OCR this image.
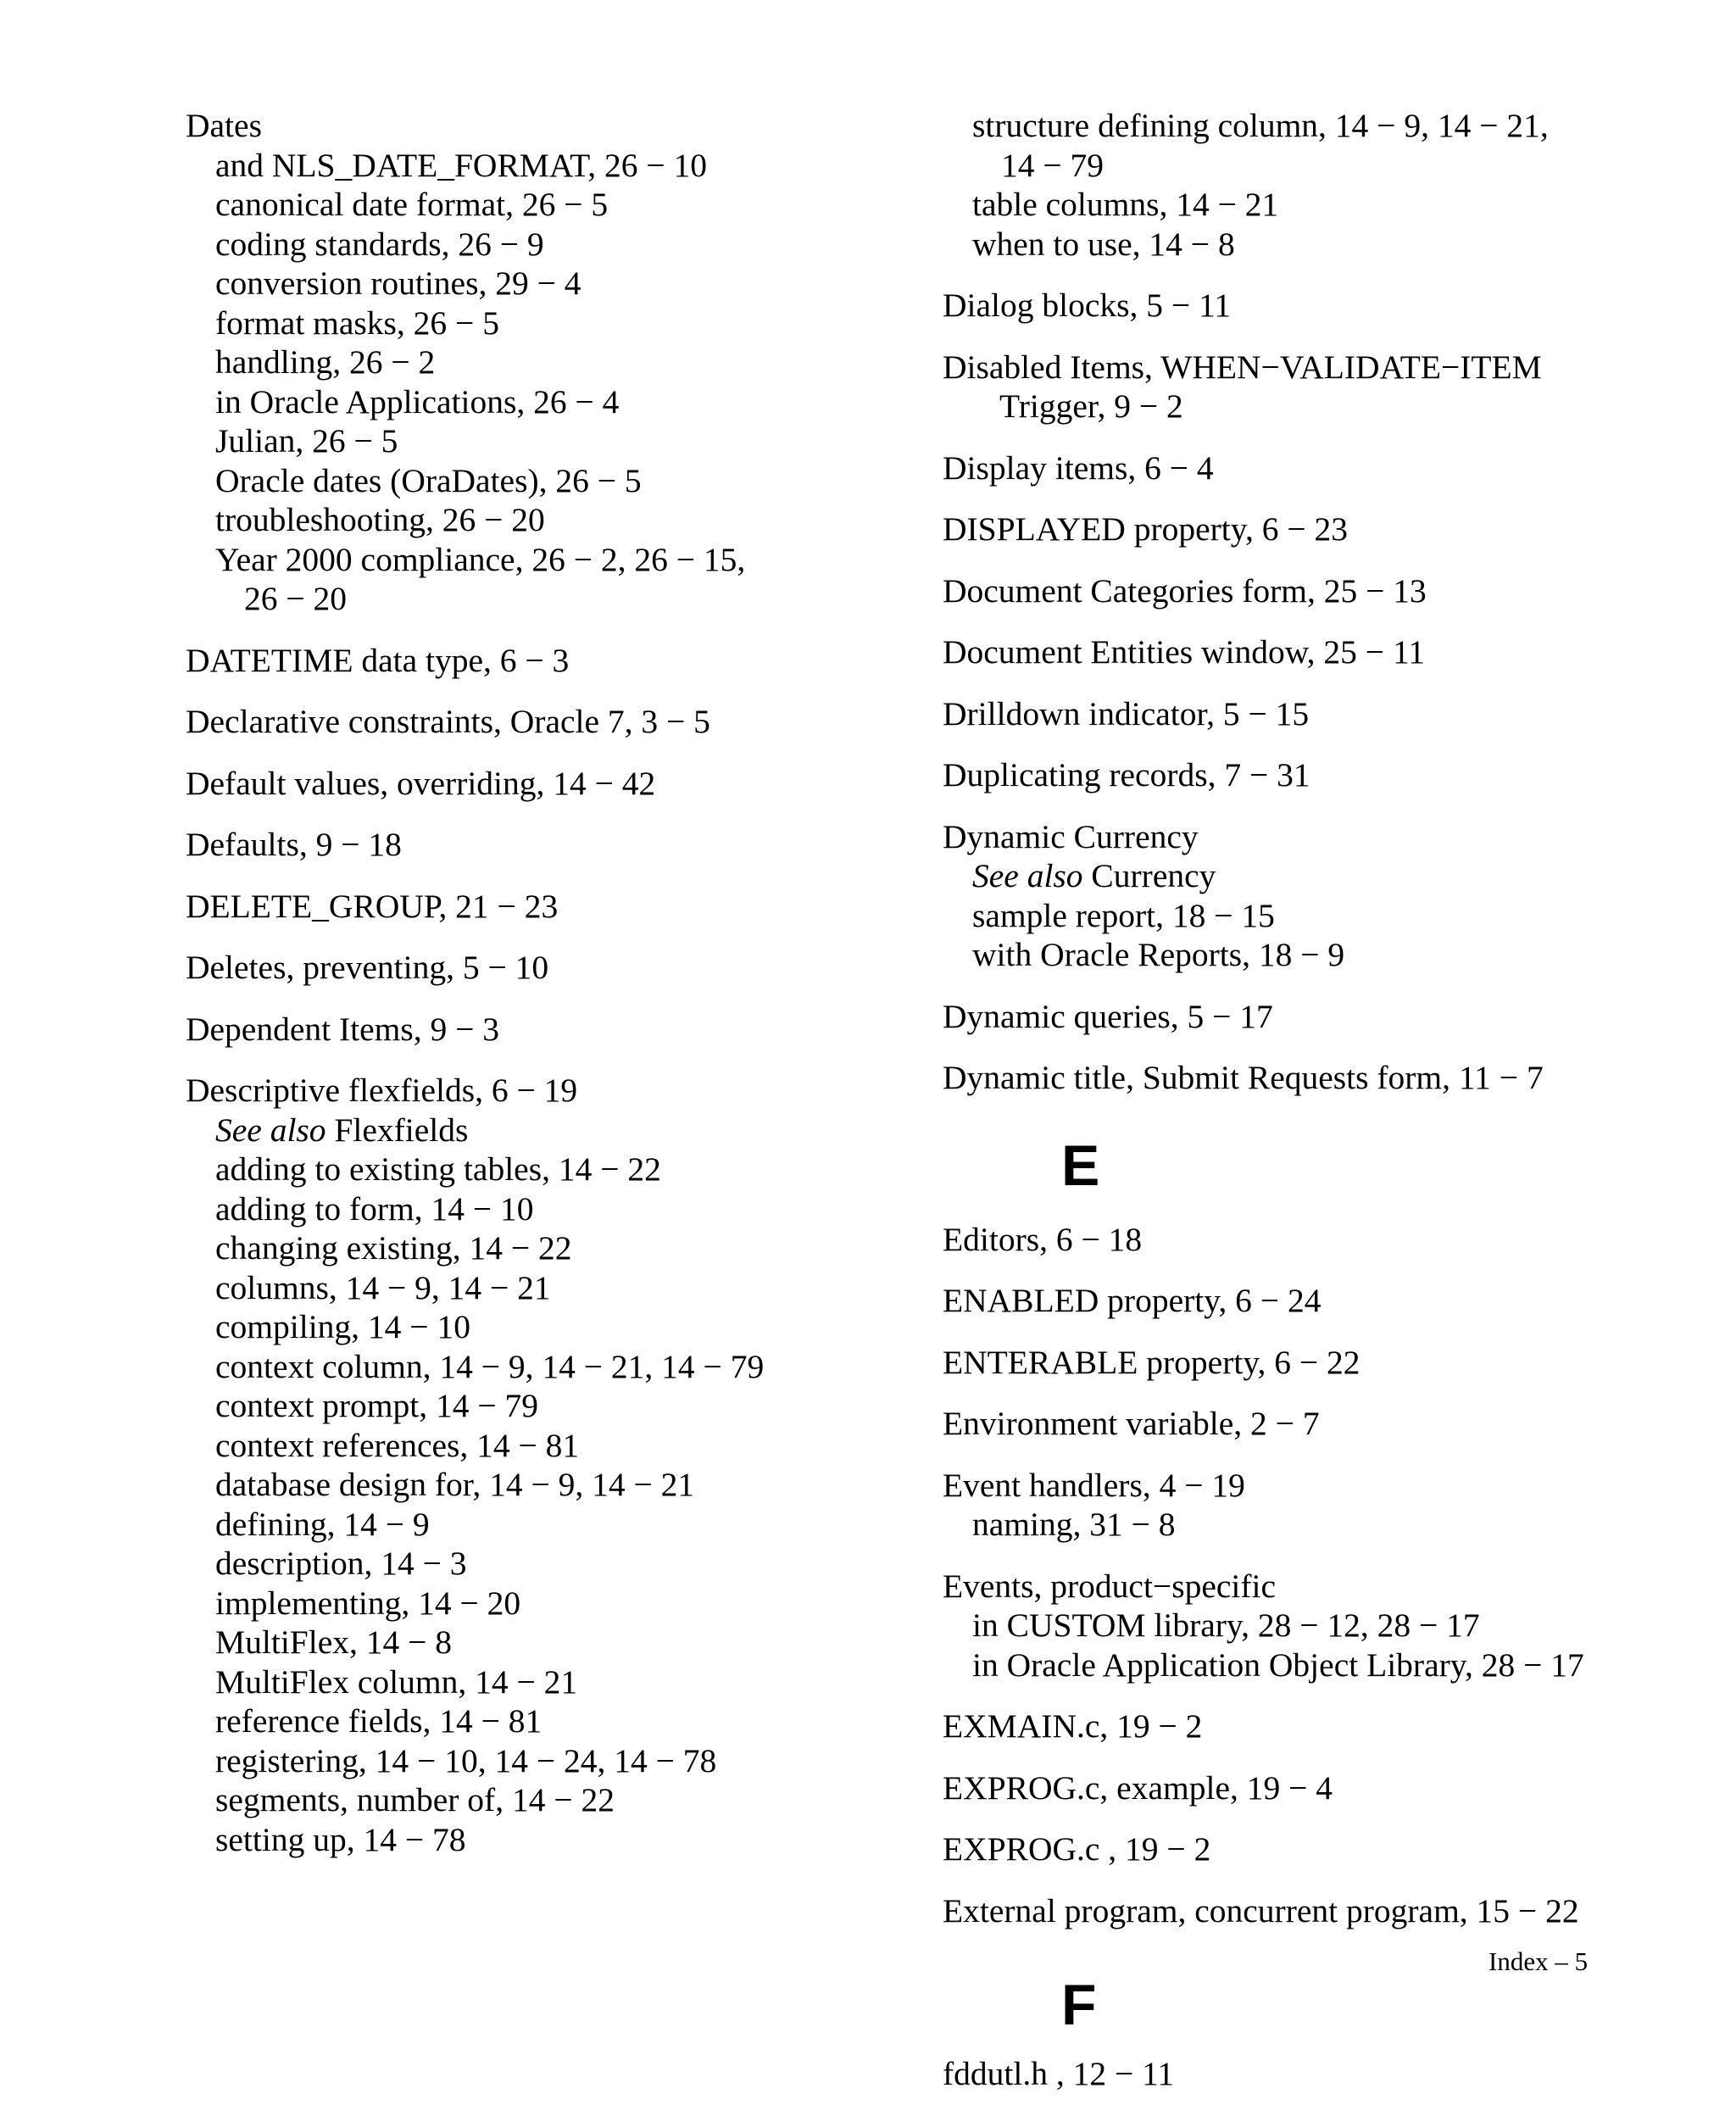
Dates
and NLS_DATE_FORMAT, 26 − 10
canonical date format, 26 − 5
coding standards, 26 − 9
conversion routines, 29 − 4
format masks, 26 − 5
handling, 26 − 2
in Oracle Applications, 26 − 4
Julian, 26 − 5
Oracle dates (OraDates), 26 − 5
troubleshooting, 26 − 20
Year 2000 compliance, 26 − 2, 26 − 15,
26 − 20
DATETIME data type, 6 − 3
Declarative constraints, Oracle 7, 3 − 5
Default values, overriding, 14 − 42
Defaults, 9 − 18
DELETE_GROUP, 21 − 23
Deletes, preventing, 5 − 10
Dependent Items, 9 − 3
Descriptive flexfields, 6 − 19
See also Flexfields
adding to existing tables, 14 − 22
adding to form, 14 − 10
changing existing, 14 − 22
columns, 14 − 9, 14 − 21
compiling, 14 − 10
context column, 14 − 9, 14 − 21, 14 − 79
context prompt, 14 − 79
context references, 14 − 81
database design for, 14 − 9, 14 − 21
defining, 14 − 9
description, 14 − 3
implementing, 14 − 20
MultiFlex, 14 − 8
MultiFlex column, 14 − 21
reference fields, 14 − 81
registering, 14 − 10, 14 − 24, 14 − 78
segments, number of, 14 − 22
setting up, 14 − 78
structure defining column, 14 − 9, 14 − 21,
14 − 79
table columns, 14 − 21
when to use, 14 − 8
Dialog blocks, 5 − 11
Disabled Items, WHEN−VALIDATE−ITEM
Trigger, 9 − 2
Display items, 6 − 4
DISPLAYED property, 6 − 23
Document Categories form, 25 − 13
Document Entities window, 25 − 11
Drilldown indicator, 5 − 15
Duplicating records, 7 − 31
Dynamic Currency
See also Currency
sample report, 18 − 15
with Oracle Reports, 18 − 9
Dynamic queries, 5 − 17
Dynamic title, Submit Requests form, 11 − 7
E
Editors, 6 − 18
ENABLED property, 6 − 24
ENTERABLE property, 6 − 22
Environment variable, 2 − 7
Event handlers, 4 − 19
naming, 31 − 8
Events, product−specific
in CUSTOM library, 28 − 12, 28 − 17
in Oracle Application Object Library, 28 − 17
EXMAIN.c, 19 − 2
EXPROG.c, example, 19 − 4
EXPROG.c , 19 − 2
External program, concurrent program, 15 − 22
F
fddutl.h , 12 − 11
Index – 5
